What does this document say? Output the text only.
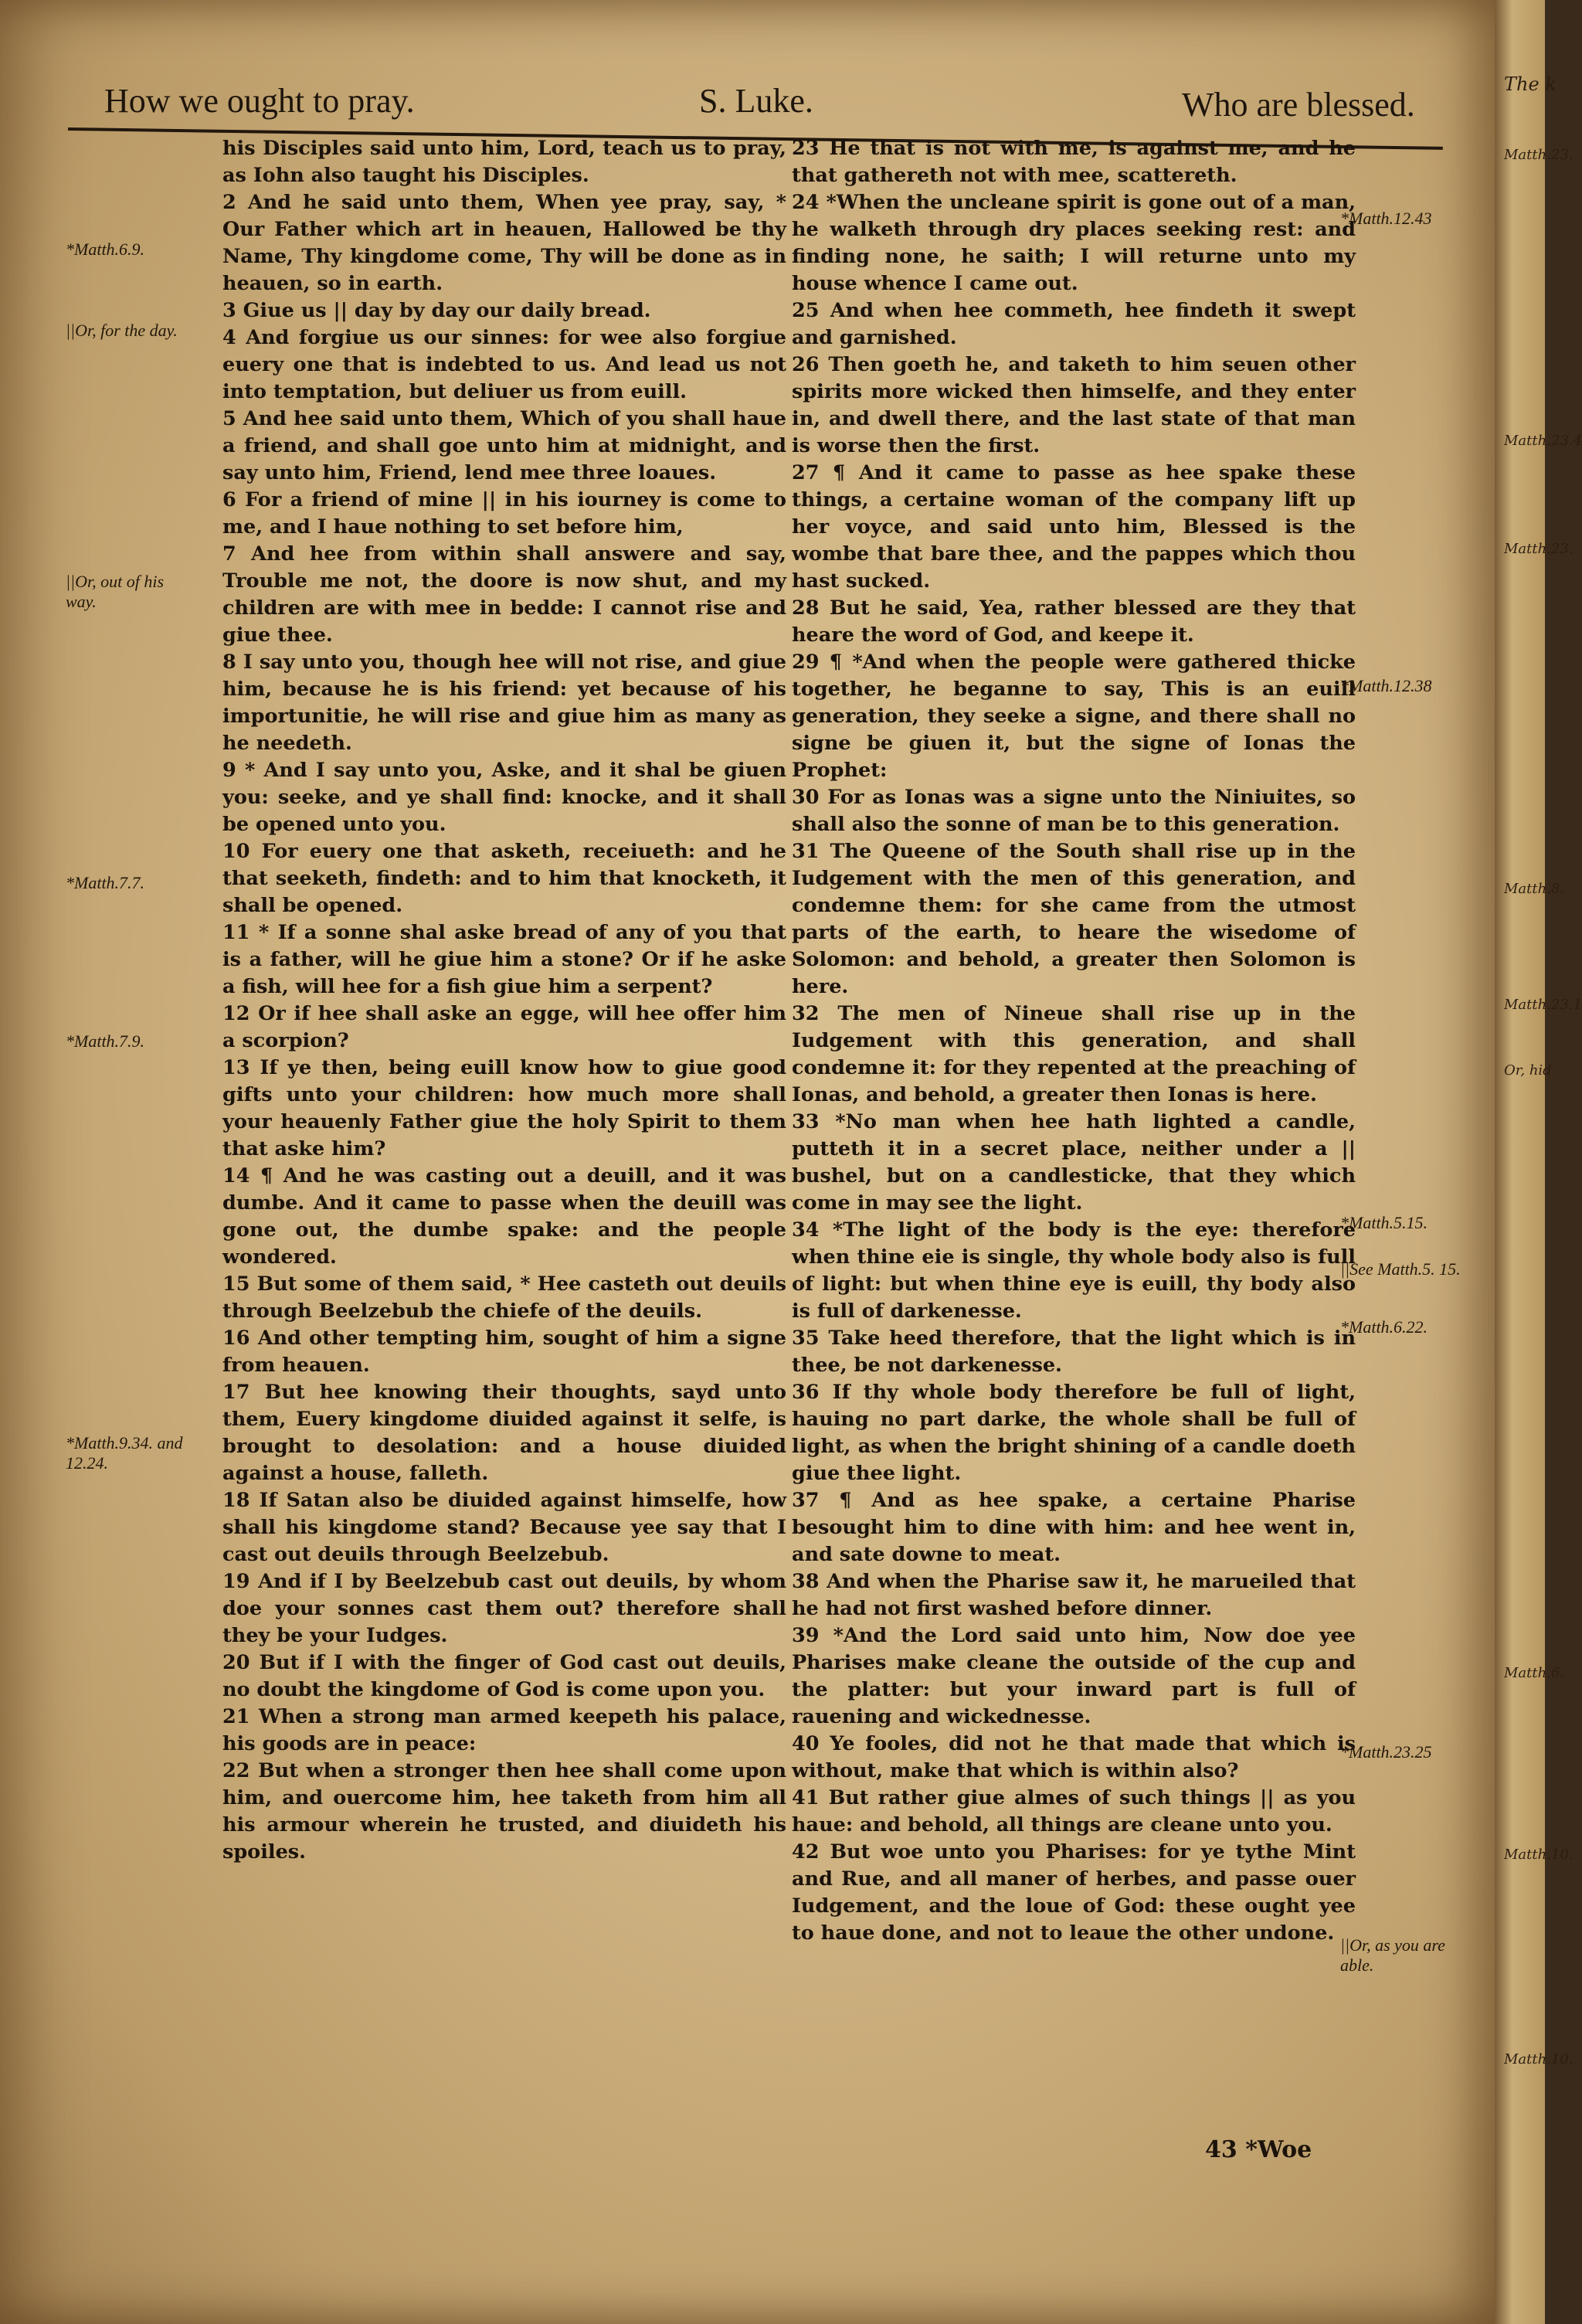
How we ought to pray.	S. Luke.	Who are blessed.

his Disciples said unto him, Lord, teach us to pray, as Iohn also taught his Disciples.

2 And he said unto them, When yee pray, say, * Our Father which art in heauen, Hallowed be thy Name, Thy kingdome come, Thy will be done as in heauen, so in earth.

3 Giue us || day by day our daily bread.

4 And forgiue us our sinnes: for wee also forgiue euery one that is indebted to us. And lead us not into temptation, but deliuer us from euill.

5 And hee said unto them, Which of you shall haue a friend, and shall goe unto him at midnight, and say unto him, Friend, lend mee three loaues.

6 For a friend of mine || in his iourney is come to me, and I haue nothing to set before him,

7 And hee from within shall answere and say, Trouble me not, the doore is now shut, and my children are with mee in bedde: I cannot rise and giue thee.

8 I say unto you, though hee will not rise, and giue him, because he is his friend: yet because of his importunitie, he will rise and giue him as many as he needeth.

9 * And I say unto you, Aske, and it shal be giuen you: seeke, and ye shall find: knocke, and it shall be opened unto you.

10 For euery one that asketh, receiueth: and he that seeketh, findeth: and to him that knocketh, it shall be opened.

11 * If a sonne shal aske bread of any of you that is a father, will he giue him a stone? Or if he aske a fish, will hee for a fish giue him a serpent?

12 Or if hee shall aske an egge, will hee offer him a scorpion?

13 If ye then, being euill know how to giue good gifts unto your children: how much more shall your heauenly Father giue the holy Spirit to them that aske him?

14 ¶ And he was casting out a deuill, and it was dumbe. And it came to passe when the deuill was gone out, the dumbe spake: and the people wondered.

15 But some of them said, * Hee casteth out deuils through Beelzebub the chiefe of the deuils.

16 And other tempting him, sought of him a signe from heauen.

17 But hee knowing their thoughts, sayd unto them, Euery kingdome diuided against it selfe, is brought to desolation: and a house diuided against a house, falleth.

18 If Satan also be diuided against himselfe, how shall his kingdome stand? Because yee say that I cast out deuils through Beelzebub.

19 And if I by Beelzebub cast out deuils, by whom doe your sonnes cast them out? therefore shall they be your Iudges.

20 But if I with the finger of God cast out deuils, no doubt the kingdome of God is come upon you.

21 When a strong man armed keepeth his palace, his goods are in peace:

22 But when a stronger then hee shall come upon him, and ouercome him, hee taketh from him all his armour wherein he trusted, and diuideth his spoiles.

23 He that is not with me, is against me, and he that gathereth not with mee, scattereth.

24 *When the uncleane spirit is gone out of a man, he walketh through dry places seeking rest: and finding none, he saith; I will returne unto my house whence I came out.

25 And when hee commeth, hee findeth it swept and garnished.

26 Then goeth he, and taketh to him seuen other spirits more wicked then himselfe, and they enter in, and dwell there, and the last state of that man is worse then the first.

27 ¶ And it came to passe as hee spake these things, a certaine woman of the company lift up her voyce, and said unto him, Blessed is the wombe that bare thee, and the pappes which thou hast sucked.

28 But he said, Yea, rather blessed are they that heare the word of God, and keepe it.

29 ¶ *And when the people were gathered thicke together, he beganne to say, This is an euill generation, they seeke a signe, and there shall no signe be giuen it, but the signe of Ionas the Prophet:

30 For as Ionas was a signe unto the Niniuites, so shall also the sonne of man be to this generation.

31 The Queene of the South shall rise up in the Iudgement with the men of this generation, and condemne them: for she came from the utmost parts of the earth, to heare the wisedome of Solomon: and behold, a greater then Solomon is here.

32 The men of Nineue shall rise up in the Iudgement with this generation, and shall condemne it: for they repented at the preaching of Ionas, and behold, a greater then Ionas is here.

33 *No man when hee hath lighted a candle, putteth it in a secret place, neither under a || bushel, but on a candlesticke, that they which come in may see the light.

34 *The light of the body is the eye: therefore when thine eie is single, thy whole body also is full of light: but when thine eye is euill, thy body also is full of darkenesse.

35 Take heed therefore, that the light which is in thee, be not darkenesse.

36 If thy whole body therefore be full of light, hauing no part darke, the whole shall be full of light, as when the bright shining of a candle doeth giue thee light.

37 ¶ And as hee spake, a certaine Pharise besought him to dine with him: and hee went in, and sate downe to meat.

38 And when the Pharise saw it, he marueiled that he had not first washed before dinner.

39 *And the Lord said unto him, Now doe yee Pharises make cleane the outside of the cup and the platter: but your inward part is full of rauening and wickednesse.

40 Ye fooles, did not he that made that which is without, make that which is within also?

41 But rather giue almes of such things || as you haue: and behold, all things are cleane unto you.

42 But woe unto you Pharises: for ye tythe Mint and Rue, and all maner of herbes, and passe ouer Iudgement, and the loue of God: these ought yee to haue done, and not to leaue the other undone.

*Matth.6.9.
||Or, for the day.
||Or, out of his way.
*Matth.7.7.
*Matth.7.9.
*Matth.9.34. and 12.24.
*Matth.12.43
*Matth.12.38
*Matth.5.15.
||See Matth.5. 15.
*Matth.6.22.
*Matth.23.25
||Or, as you are able.
43 *Woe
The k
Matth.23.
Matth.23.4
Matth.23.
Matth.8.
Matth.23.1
Or, hid
Matth.6.
Matth.10.
Matth.10.
